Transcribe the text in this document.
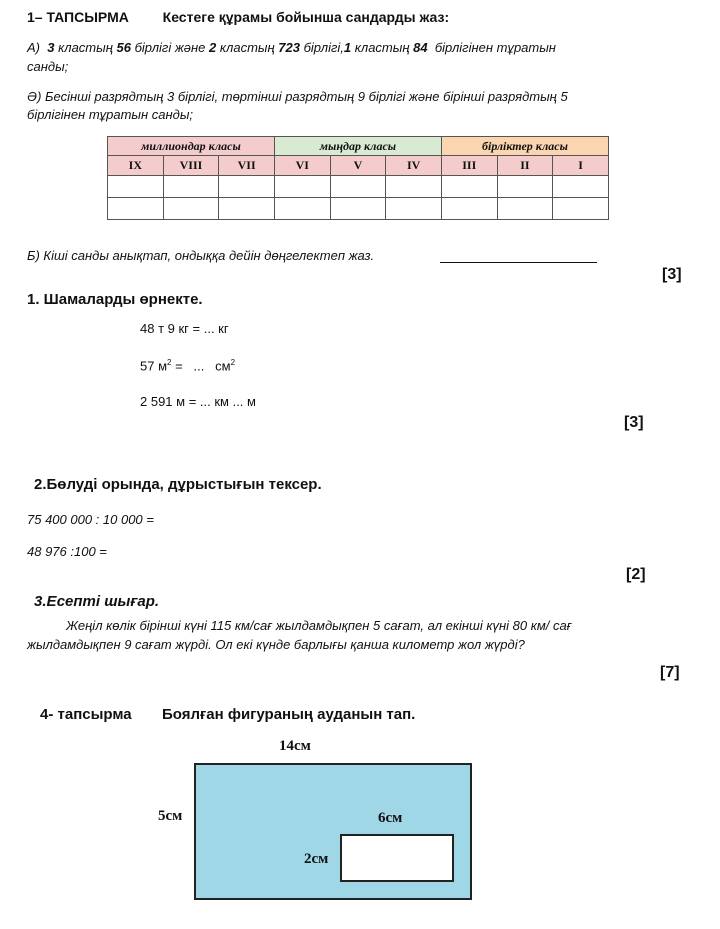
1– ТАПСЫРМА Кестеге құрамы бойынша сандарды жаз:
А) 3 кластың 56 бірлігі және 2 кластың 723 бірлігі,1 кластың 84 бірлігінен тұратын
санды;
Ә) Бесінші разрядтың 3 бірлігі, төртінші разрядтың 9 бірлігі және бірінші разрядтың 5
бірлігінен тұратын санды;
миллиондар класы			мыңдар класы			бірліктер класы		
IX	VIII	VII	VI	V	IV	III	II	I

Б) Кіші санды анықтап, ондыққа дейін дөңгелектеп жаз.
[3]
1. Шамаларды өрнекте.
48 т 9 кг = ... кг
57 $м^2$ =   ...   $см^2$
2 591 м = ... км ... м
[3]
2.Бөлуді орында, дұрыстығын тексер.
75 400 000 : 10 000 =
48 976 :100 =
[2]
3.Есепті шығар.
Жеңіл көлік бірінші күні 115 км/сағ жылдамдықпен 5 сағат, ал екінші күні 80 км/ сағ
жылдамдықпен 9 сағат жүрді. Ол екі күнде барлығы қанша километр жол жүрді?
[7]
4- тапсырма Боялған фигураның ауданын тап.
14см
5см	6см
2см
